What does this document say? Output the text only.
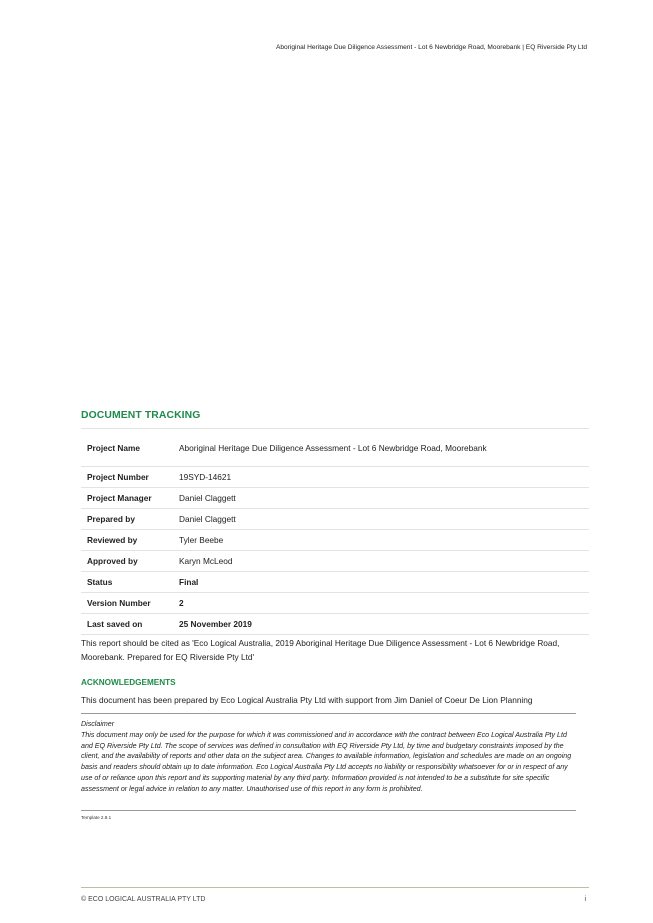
Aboriginal Heritage Due Diligence Assessment - Lot 6 Newbridge Road, Moorebank | EQ Riverside Pty Ltd
DOCUMENT TRACKING
Project Name	Aboriginal Heritage Due Diligence Assessment - Lot 6 Newbridge Road, Moorebank
Project Number	19SYD-14621
Project Manager	Daniel Claggett
Prepared by	Daniel Claggett
Reviewed by	Tyler Beebe
Approved by	Karyn McLeod
Status	Final
Version Number	2
Last saved on	25 November 2019

This report should be cited as 'Eco Logical Australia, 2019 Aboriginal Heritage Due Diligence Assessment - Lot 6 Newbridge Road, Moorebank. Prepared for EQ Riverside Pty Ltd'

ACKNOWLEDGEMENTS

This document has been prepared by Eco Logical Australia Pty Ltd with support from Jim Daniel of Coeur De Lion Planning

Disclaimer

This document may only be used for the purpose for which it was commissioned and in accordance with the contract between Eco Logical Australia Pty Ltd and EQ Riverside Pty Ltd. The scope of services was defined in consultation with EQ Riverside Pty Ltd, by time and budgetary constraints imposed by the client, and the availability of reports and other data on the subject area. Changes to available information, legislation and schedules are made on an ongoing basis and readers should obtain up to date information. Eco Logical Australia Pty Ltd accepts no liability or responsibility whatsoever for or in respect of any use of or reliance upon this report and its supporting material by any third party. Information provided is not intended to be a substitute for site specific assessment or legal advice in relation to any matter. Unauthorised use of this report in any form is prohibited.

Template 2.8.1
© ECO LOGICAL AUSTRALIA PTY LTD	i
